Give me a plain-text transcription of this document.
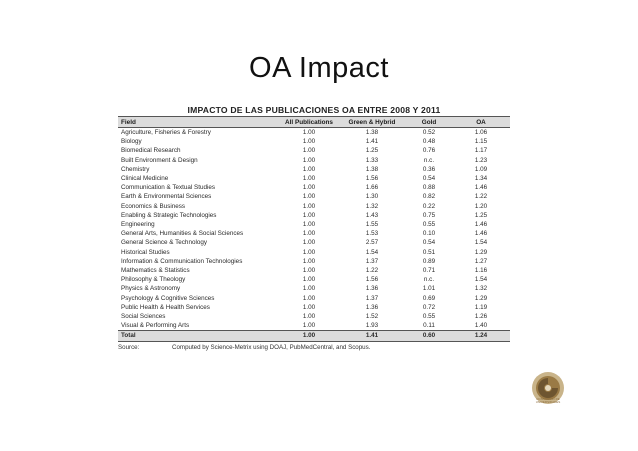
OA Impact
IMPACTO DE LAS PUBLICACIONES OA ENTRE 2008 Y 2011
Field	All Publications	Green & Hybrid	Gold	OA
Agriculture, Fisheries & Forestry	1.00	1.38	0.52	1.06
Biology	1.00	1.41	0.48	1.15
Biomedical Research	1.00	1.25	0.76	1.17
Built Environment & Design	1.00	1.33	n.c.	1.23
Chemistry	1.00	1.38	0.36	1.09
Clinical Medicine	1.00	1.56	0.54	1.34
Communication & Textual Studies	1.00	1.66	0.88	1.46
Earth & Environmental Sciences	1.00	1.30	0.82	1.22
Economics & Business	1.00	1.32	0.22	1.20
Enabling & Strategic Technologies	1.00	1.43	0.75	1.25
Engineering	1.00	1.55	0.55	1.46
General Arts, Humanities & Social Sciences	1.00	1.53	0.10	1.46
General Science & Technology	1.00	2.57	0.54	1.54
Historical Studies	1.00	1.54	0.51	1.29
Information & Communication Technologies	1.00	1.37	0.89	1.27
Mathematics & Statistics	1.00	1.22	0.71	1.16
Philosophy & Theology	1.00	1.56	n.c.	1.54
Physics & Astronomy	1.00	1.36	1.01	1.32
Psychology & Cognitive Sciences	1.00	1.37	0.69	1.29
Public Health & Health Services	1.00	1.36	0.72	1.19
Social Sciences	1.00	1.52	0.55	1.26
Visual & Performing Arts	1.00	1.93	0.11	1.40
Total	1.00	1.41	0.60	1.24
Source:	Computed by Science-Metrix using DOAJ, PubMedCentral, and Scopus.
CONSORCIO DE UNIVERSIDADES
